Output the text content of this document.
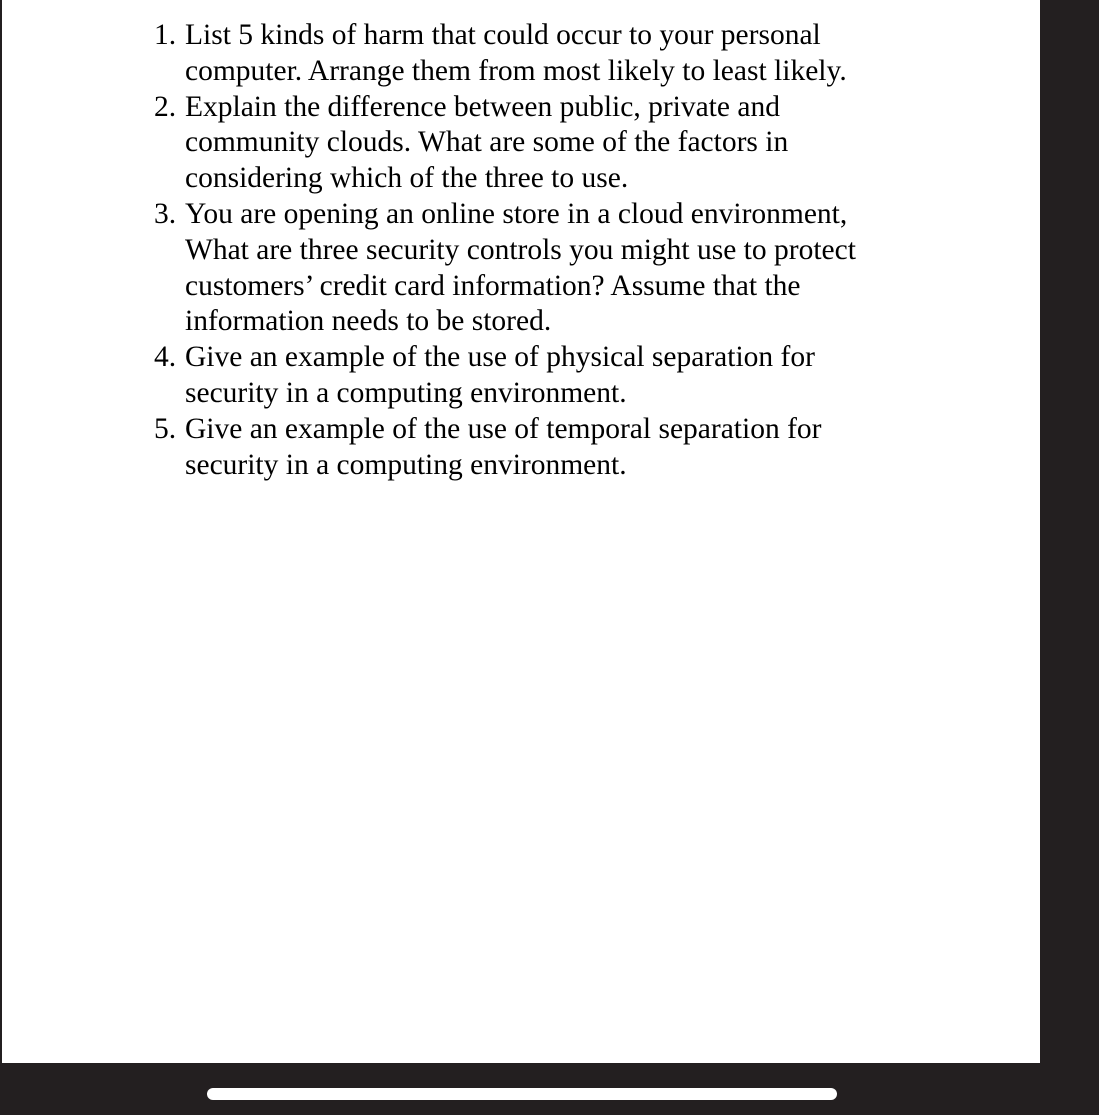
1. List 5 kinds of harm that could occur to your personal
computer. Arrange them from most likely to least likely.
2. Explain the difference between public, private and
community clouds. What are some of the factors in
considering which of the three to use.
3. You are opening an online store in a cloud environment,
What are three security controls you might use to protect
customers’ credit card information? Assume that the
information needs to be stored.
4. Give an example of the use of physical separation for
security in a computing environment.
5. Give an example of the use of temporal separation for
security in a computing environment.
